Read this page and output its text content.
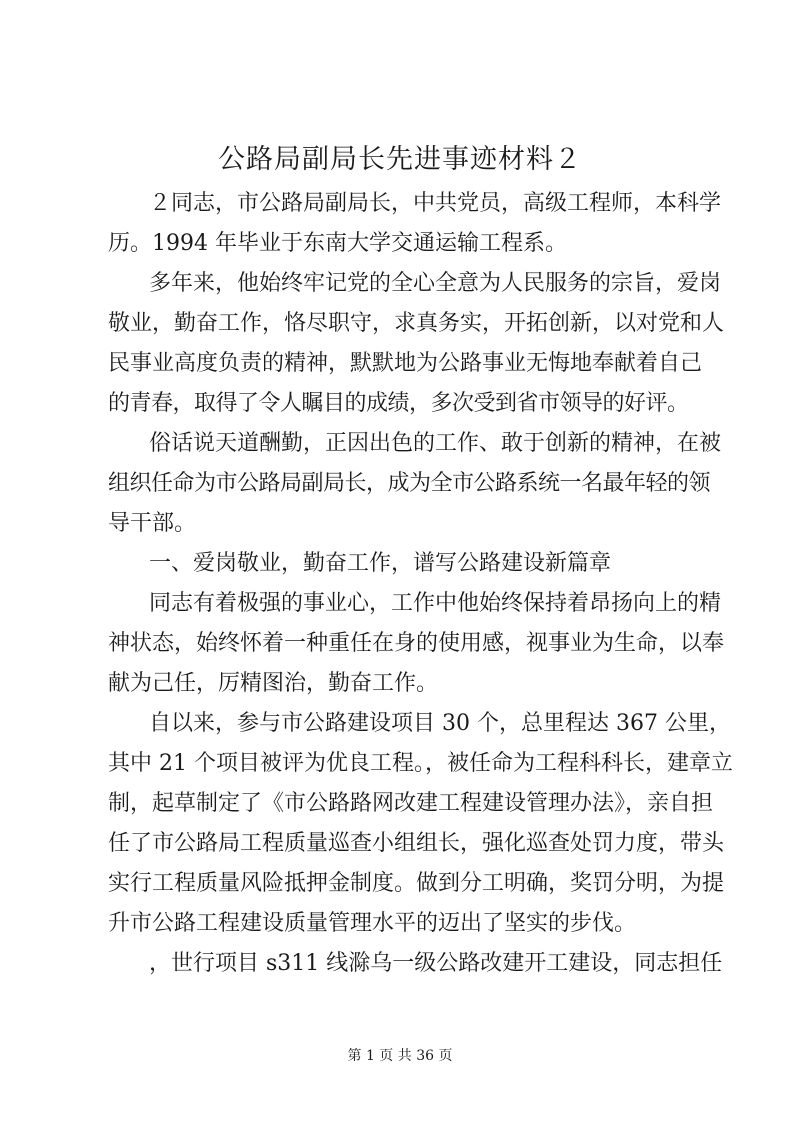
公路局副局长先进事迹材料２
２同志，市公路局副局长，中共党员，高级工程师，本科学
历。1994 年毕业于东南大学交通运输工程系。
多年来，他始终牢记党的全心全意为人民服务的宗旨，爱岗
敬业，勤奋工作，恪尽职守，求真务实，开拓创新，以对党和人
民事业高度负责的精神，默默地为公路事业无悔地奉献着自己
的青春，取得了令人瞩目的成绩，多次受到省市领导的好评。
俗话说天道酬勤，正因出色的工作、敢于创新的精神，在被
组织任命为市公路局副局长，成为全市公路系统一名最年轻的领
导干部。
一、爱岗敬业，勤奋工作，谱写公路建设新篇章
同志有着极强的事业心，工作中他始终保持着昂扬向上的精
神状态，始终怀着一种重任在身的使用感，视事业为生命，以奉
献为己任，厉精图治，勤奋工作。
自以来，参与市公路建设项目 30 个，总里程达 367 公里，
其中 21 个项目被评为优良工程。，被任命为工程科科长，建章立
制，起草制定了《市公路路网改建工程建设管理办法》，亲自担
任了市公路局工程质量巡查小组组长，强化巡查处罚力度，带头
实行工程质量风险抵押金制度。做到分工明确，奖罚分明，为提
升市公路工程建设质量管理水平的迈出了坚实的步伐。
，世行项目 s311 线滁乌一级公路改建开工建设，同志担任
第 1 页 共 36 页
